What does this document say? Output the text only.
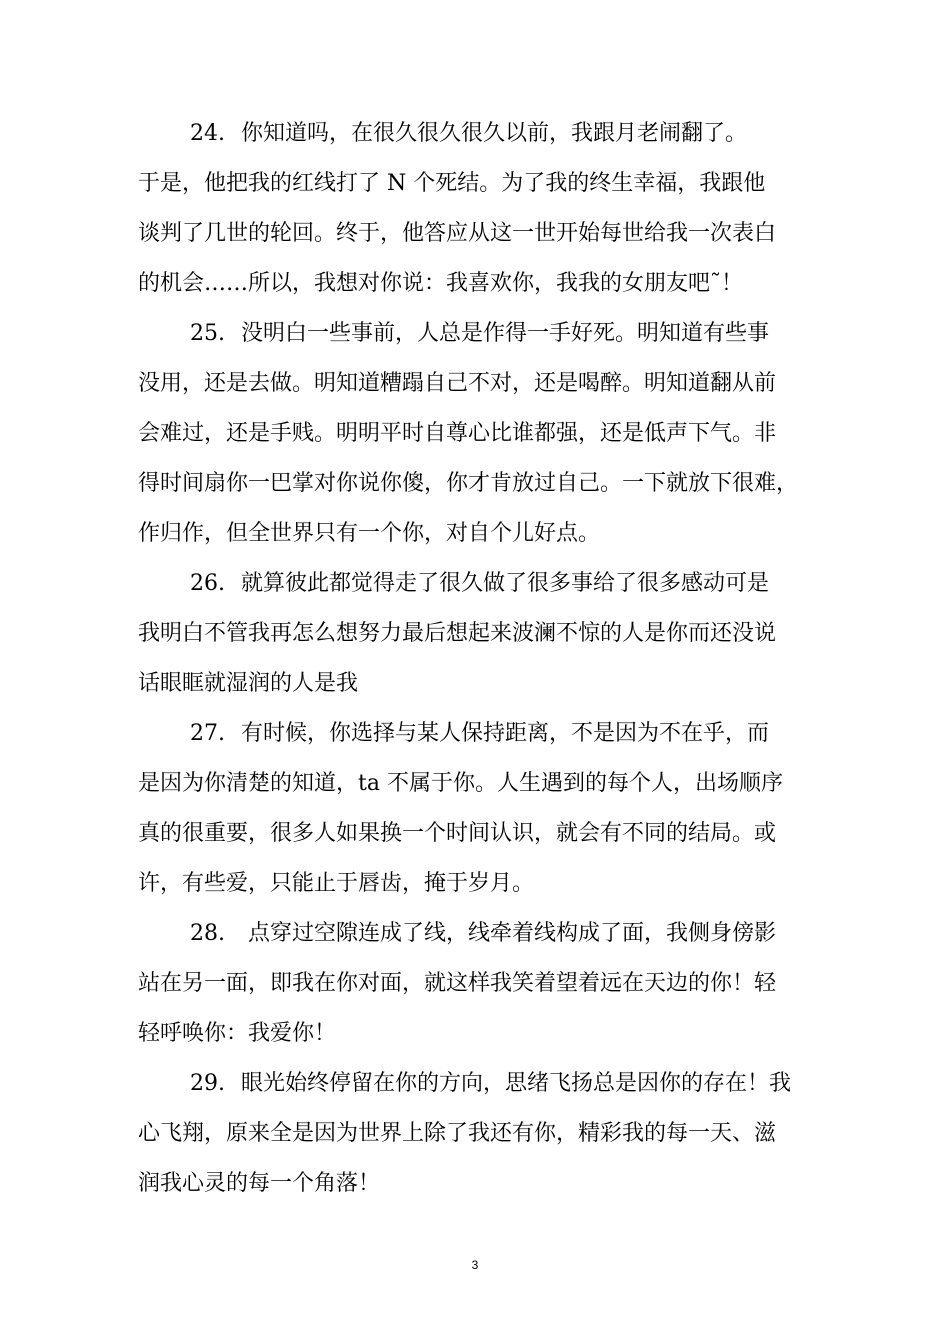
24. 你知道吗，在很久很久很久以前，我跟月老闹翻了。
于是，他把我的红线打了 N 个死结。为了我的终生幸福，我跟他
谈判了几世的轮回。终于，他答应从这一世开始每世给我一次表白
的机会……所以，我想对你说：我喜欢你，我我的女朋友吧˜！
25. 没明白一些事前，人总是作得一手好死。明知道有些事
没用，还是去做。明知道糟蹋自己不对，还是喝醉。明知道翻从前
会难过，还是手贱。明明平时自尊心比谁都强，还是低声下气。非
得时间扇你一巴掌对你说你傻，你才肯放过自己。一下就放下很难，
作归作，但全世界只有一个你，对自个儿好点。
26. 就算彼此都觉得走了很久做了很多事给了很多感动可是
我明白不管我再怎么想努力最后想起来波澜不惊的人是你而还没说
话眼眶就湿润的人是我
27. 有时候，你选择与某人保持距离，不是因为不在乎，而
是因为你清楚的知道，ta 不属于你。人生遇到的每个人，出场顺序
真的很重要，很多人如果换一个时间认识，就会有不同的结局。或
许，有些爱，只能止于唇齿，掩于岁月。
28. 点穿过空隙连成了线，线牵着线构成了面，我侧身傍影
站在另一面，即我在你对面，就这样我笑着望着远在天边的你！轻
轻呼唤你：我爱你！
29. 眼光始终停留在你的方向，思绪飞扬总是因你的存在！我
心飞翔，原来全是因为世界上除了我还有你，精彩我的每一天、滋
润我心灵的每一个角落！
3
